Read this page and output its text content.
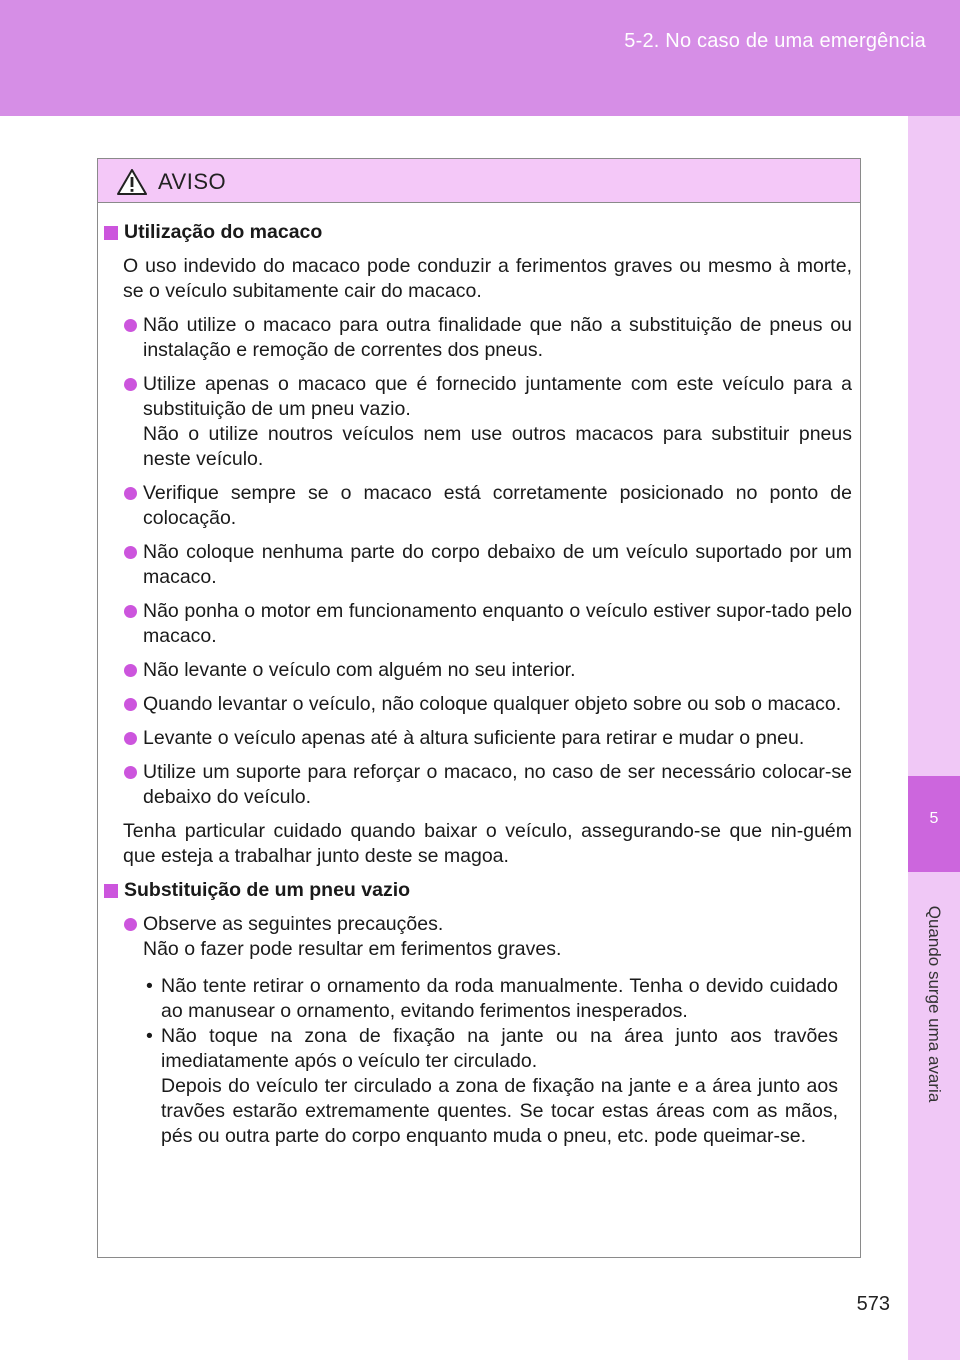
5-2. No caso de uma emergência
5
Quando surge uma avaria
AVISO
Utilização do macaco
O uso indevido do macaco pode conduzir a ferimentos graves ou mesmo à morte, se o veículo subitamente cair do macaco.
Não utilize o macaco para outra finalidade que não a substituição de pneus ou instalação e remoção de correntes dos pneus.
Utilize apenas o macaco que é fornecido juntamente com este veículo para a substituição de um pneu vazio.
Não o utilize noutros veículos nem use outros macacos para substituir pneus neste veículo.
Verifique sempre se o macaco está corretamente posicionado no ponto de colocação.
Não coloque nenhuma parte do corpo debaixo de um veículo suportado por um macaco.
Não ponha o motor em funcionamento enquanto o veículo estiver supor-tado pelo macaco.
Não levante o veículo com alguém no seu interior.
Quando levantar o veículo, não coloque qualquer objeto sobre ou sob o macaco.
Levante o veículo apenas até à altura suficiente para retirar e mudar o pneu.
Utilize um suporte para reforçar o macaco, no caso de ser necessário colocar-se debaixo do veículo.
Tenha particular cuidado quando baixar o veículo, assegurando-se que nin-guém que esteja a trabalhar junto deste se magoa.
Substituição de um pneu vazio
Observe as seguintes precauções.
Não o fazer pode resultar em ferimentos graves.
• Não tente retirar o ornamento da roda manualmente. Tenha o devido cuidado ao manusear o ornamento, evitando ferimentos inesperados.
• Não toque na zona de fixação na jante ou na área junto aos travões imediatamente após o veículo ter circulado.
Depois do veículo ter circulado a zona de fixação na jante e a área junto aos travões estarão extremamente quentes. Se tocar estas áreas com as mãos, pés ou outra parte do corpo enquanto muda o pneu, etc. pode queimar-se.
573
